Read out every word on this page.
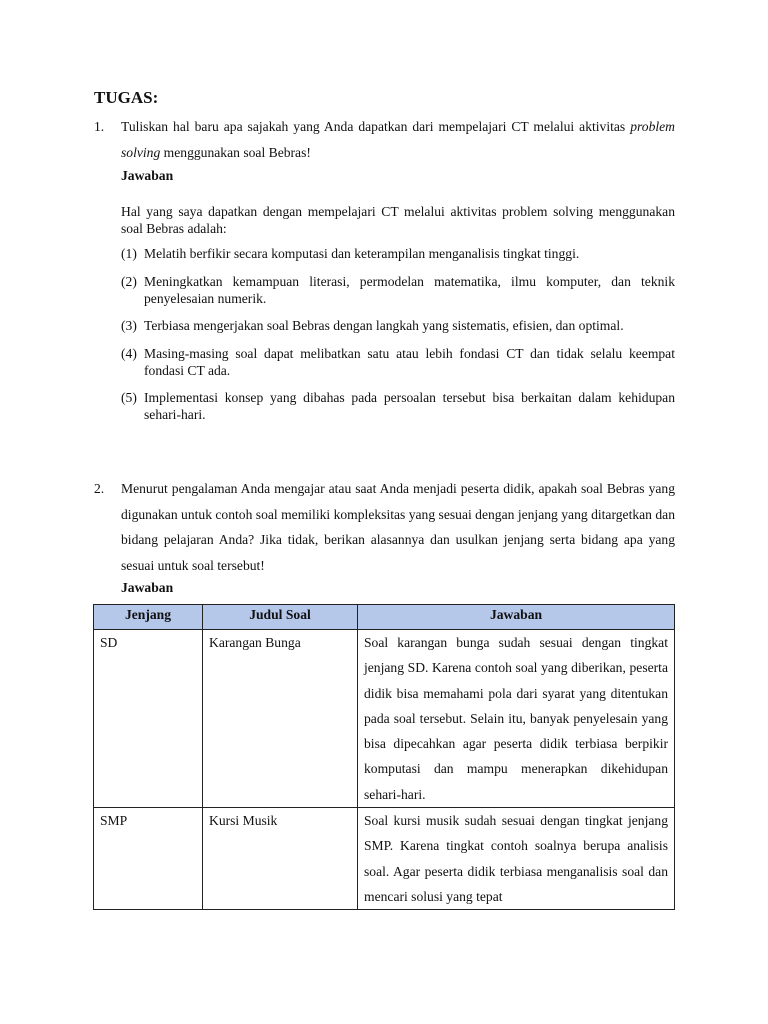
TUGAS:
1. Tuliskan hal baru apa sajakah yang Anda dapatkan dari mempelajari CT melalui aktivitas problem solving menggunakan soal Bebras!
Jawaban

Hal yang saya dapatkan dengan mempelajari CT melalui aktivitas problem solving menggunakan soal Bebras adalah:

(1) Melatih berfikir secara komputasi dan keterampilan menganalisis tingkat tinggi.
(2) Meningkatkan kemampuan literasi, permodelan matematika, ilmu komputer, dan teknik penyelesaian numerik.
(3) Terbiasa mengerjakan soal Bebras dengan langkah yang sistematis, efisien, dan optimal.
(4) Masing-masing soal dapat melibatkan satu atau lebih fondasi CT dan tidak selalu keempat fondasi CT ada.
(5) Implementasi konsep yang dibahas pada persoalan tersebut bisa berkaitan dalam kehidupan sehari-hari.
2. Menurut pengalaman Anda mengajar atau saat Anda menjadi peserta didik, apakah soal Bebras yang digunakan untuk contoh soal memiliki kompleksitas yang sesuai dengan jenjang yang ditargetkan dan bidang pelajaran Anda? Jika tidak, berikan alasannya dan usulkan jenjang serta bidang apa yang sesuai untuk soal tersebut!
Jawaban
Jenjang	Judul Soal	Jawaban
SD	Karangan Bunga	Soal karangan bunga sudah sesuai dengan tingkat jenjang SD. Karena contoh soal yang diberikan, peserta didik bisa memahami pola dari syarat yang ditentukan pada soal tersebut. Selain itu, banyak penyelesain yang bisa dipecahkan agar peserta didik terbiasa berpikir komputasi dan mampu menerapkan dikehidupan sehari-hari.
SMP	Kursi Musik	Soal kursi musik sudah sesuai dengan tingkat jenjang SMP. Karena tingkat contoh soalnya berupa analisis soal. Agar peserta didik terbiasa menganalisis soal dan mencari solusi yang tepat
